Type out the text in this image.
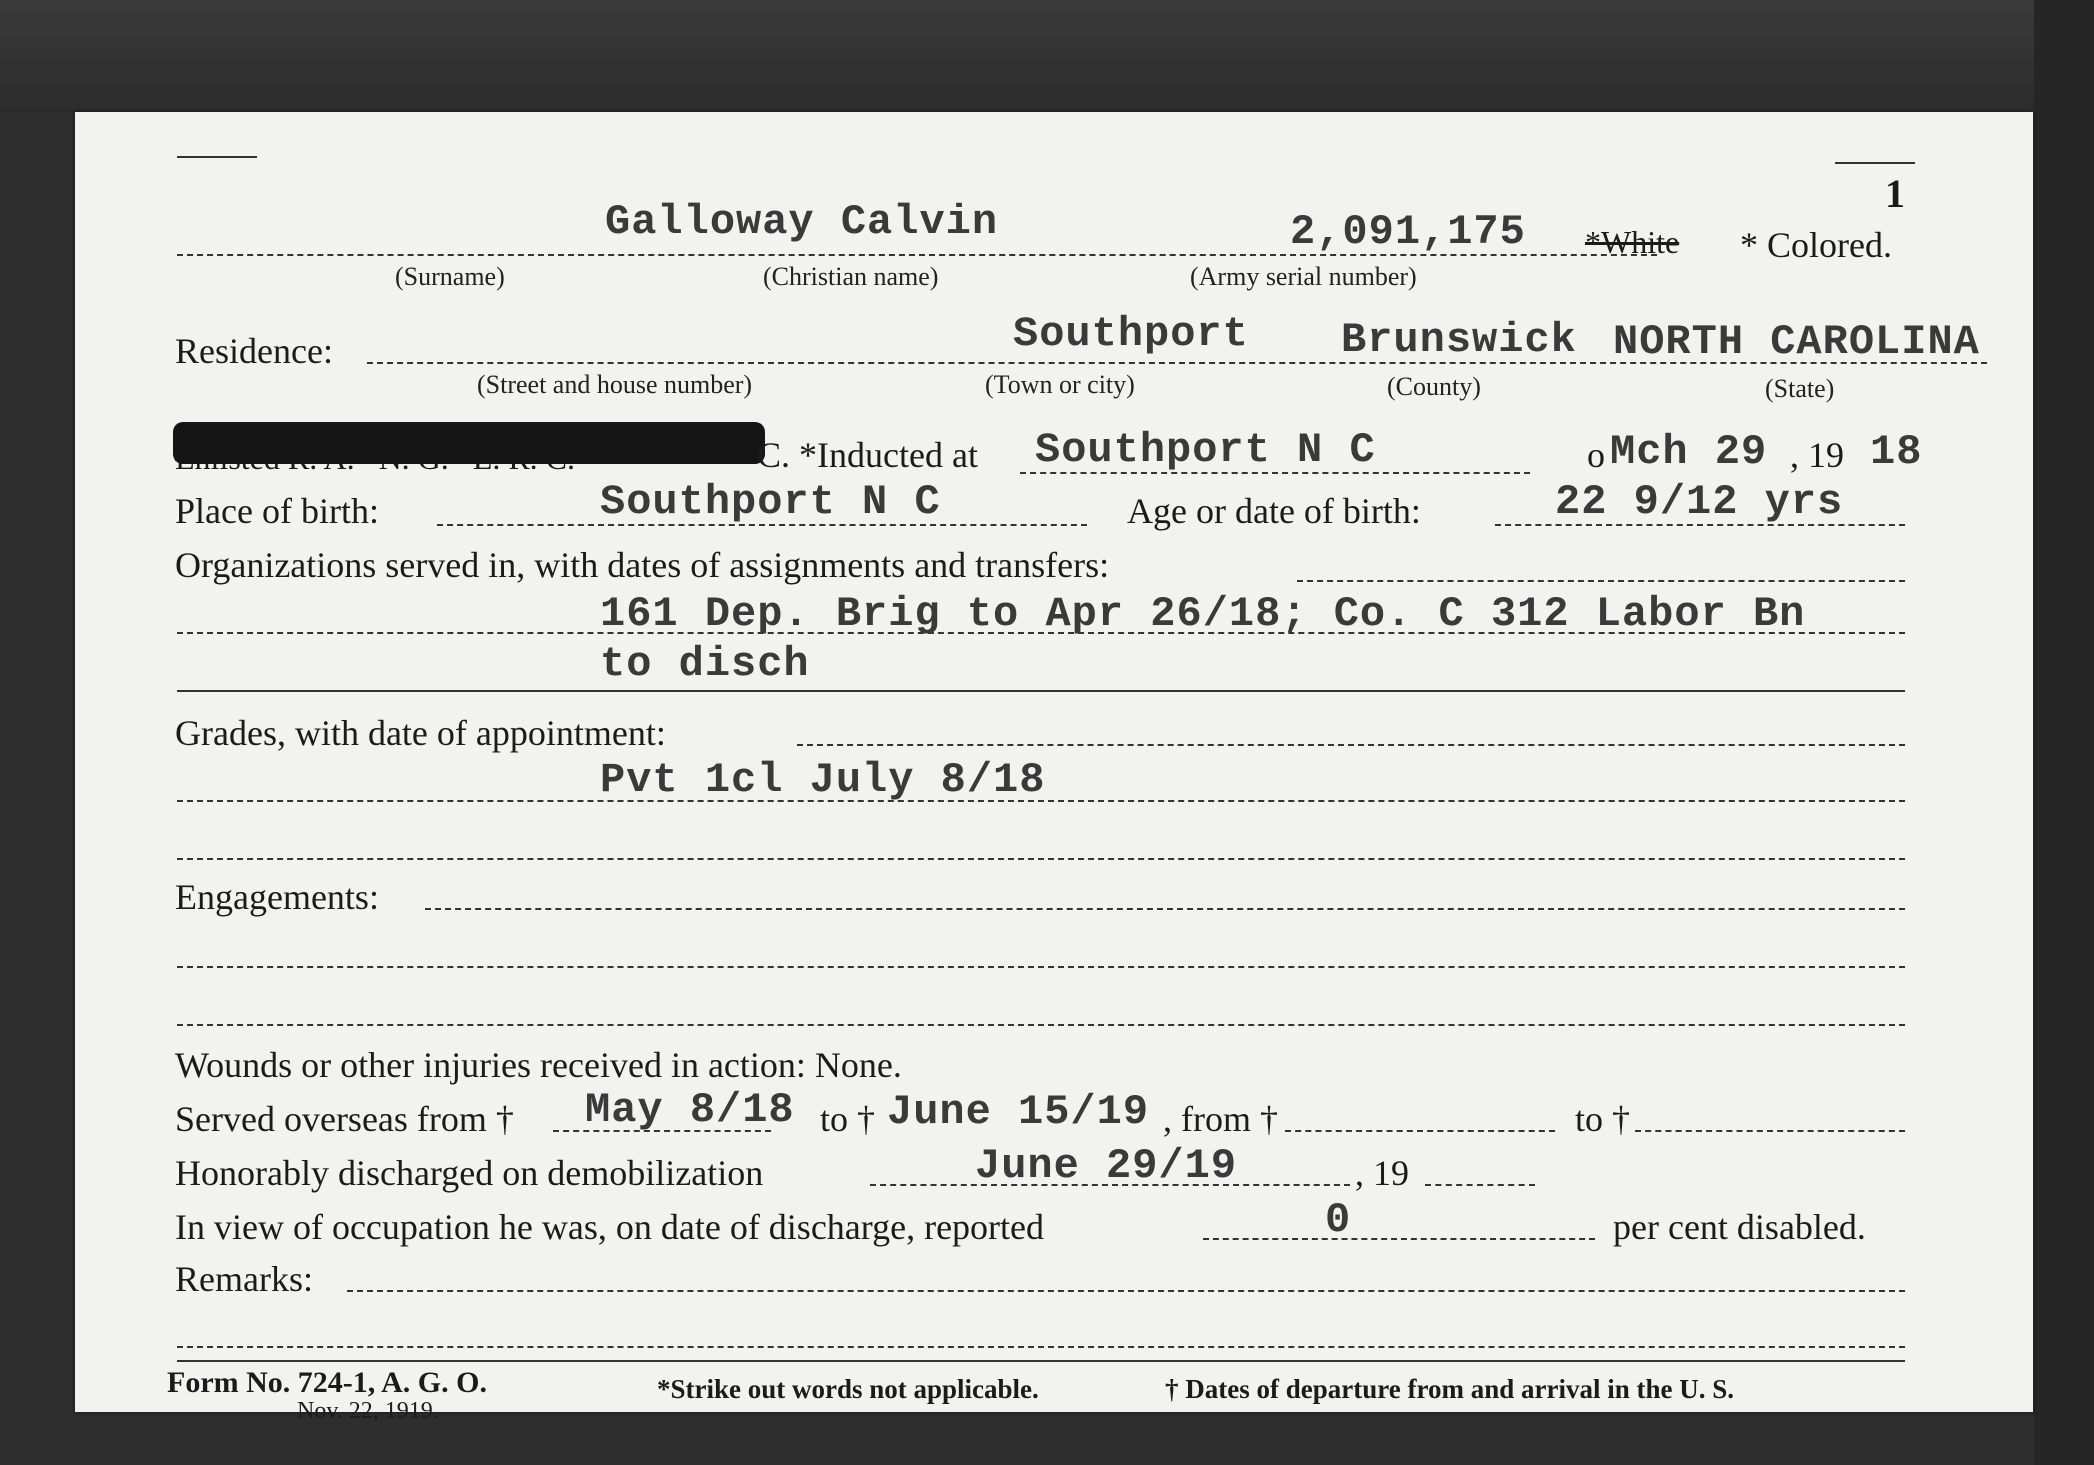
1
Galloway Calvin	2,091,175 *White * Colored.
(Surname)	(Christian name)	(Army serial number)
Residence:	Southport Brunswick NORTH CAROLINA
(Street and house number)	(Town or city)	(County)	(State)
C. *Inducted at Southport N C	o Mch 29 , 19 18
Place of birth:	Southport N C	Age or date of birth:	22 9/12 yrs
Organizations served in, with dates of assignments and transfers:
161 Dep. Brig to Apr 26/18; Co. C 312 Labor Bn
to disch
Grades, with date of appointment:
Pvt 1cl July 8/18
Engagements:
Wounds or other injuries received in action: None.
Served overseas from † May 8/18 to † June 15/19 , from †	to †
Honorably discharged on demobilization	June 29/19	, 19
In view of occupation he was, on date of discharge, reported	0	per cent disabled.
Remarks:
Form No. 724-1, A. G. O.
Nov. 22, 1919.
*Strike out words not applicable.	† Dates of departure from and arrival in the U. S.
